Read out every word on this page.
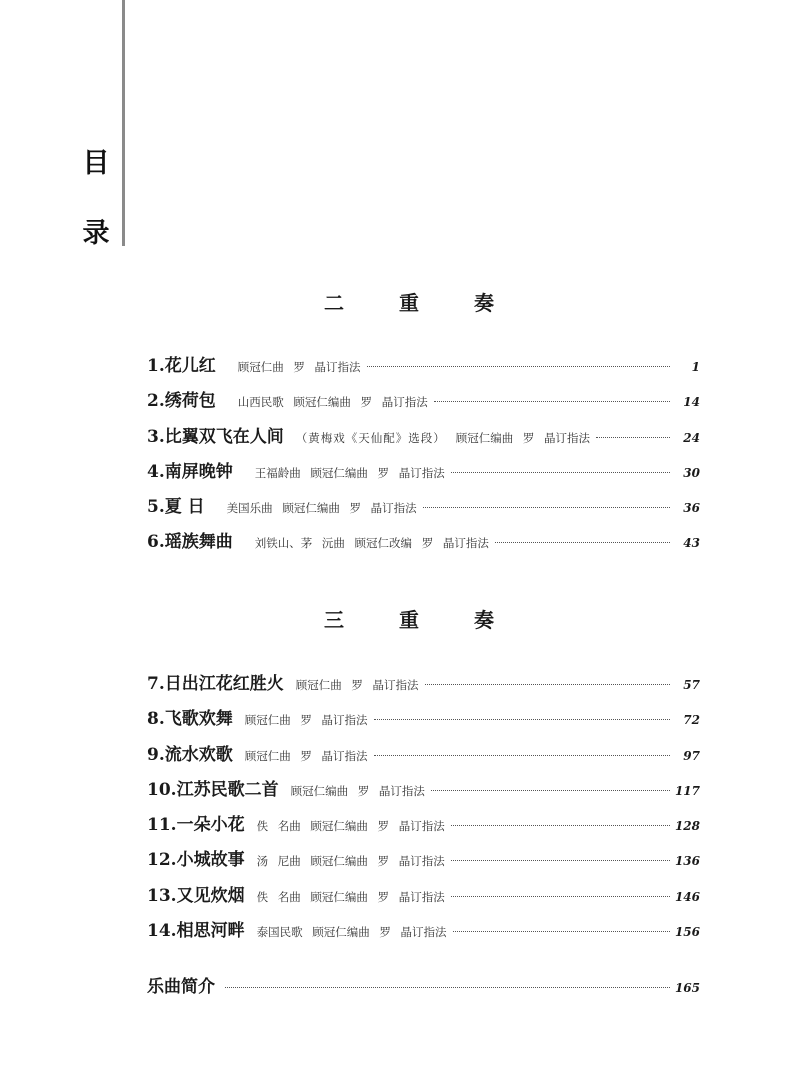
目
录
二 重 奏
1. 花儿红 顾冠仁曲 罗 晶订指法	1
2. 绣荷包 山西民歌 顾冠仁编曲 罗 晶订指法	14
3. 比翼双飞在人间 （黄梅戏《天仙配》选段） 顾冠仁编曲 罗 晶订指法	24
4. 南屏晚钟 王福龄曲 顾冠仁编曲 罗 晶订指法	30
5. 夏 日 美国乐曲 顾冠仁编曲 罗 晶订指法	36
6. 瑶族舞曲 刘铁山、茅 沅曲 顾冠仁改编 罗 晶订指法	43
三 重 奏
7. 日出江花红胜火 顾冠仁曲 罗 晶订指法	57
8. 飞歌欢舞 顾冠仁曲 罗 晶订指法	72
9. 流水欢歌 顾冠仁曲 罗 晶订指法	97
10. 江苏民歌二首 顾冠仁编曲 罗 晶订指法	117
11. 一朵小花 佚 名曲 顾冠仁编曲 罗 晶订指法	128
12. 小城故事 汤 尼曲 顾冠仁编曲 罗 晶订指法	136
13. 又见炊烟 佚 名曲 顾冠仁编曲 罗 晶订指法	146
14. 相思河畔 泰国民歌 顾冠仁编曲 罗 晶订指法	156
乐曲简介	165
